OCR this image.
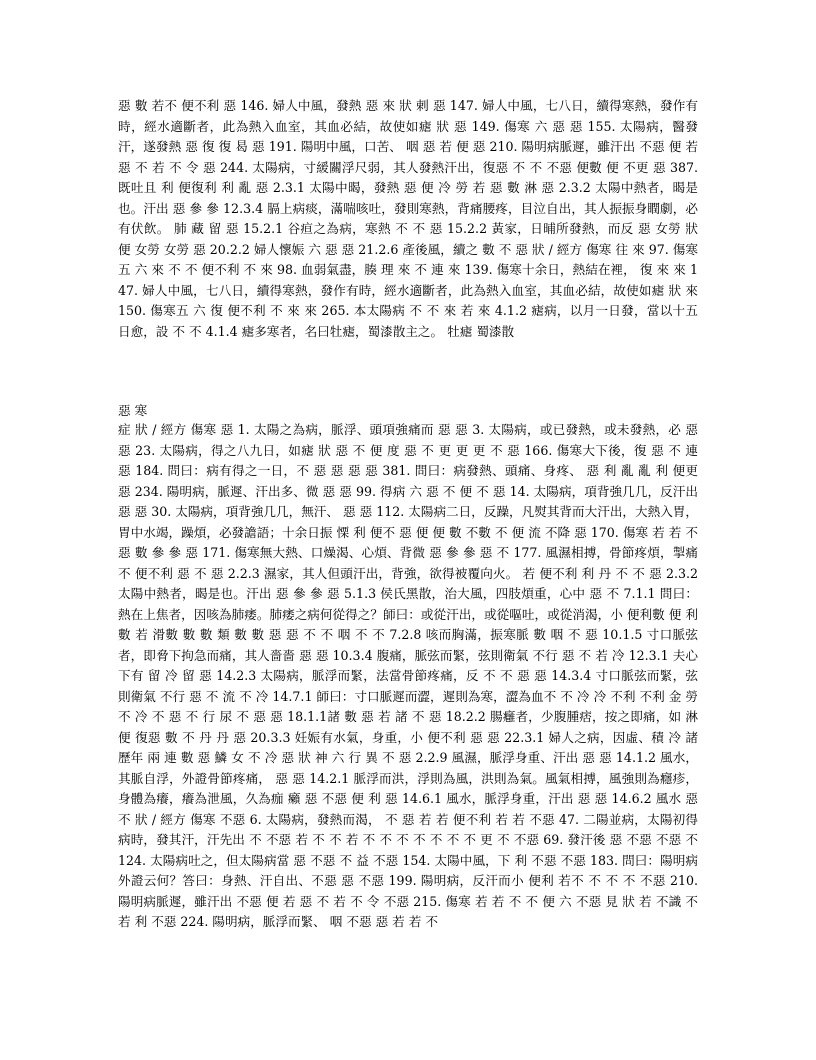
惡 數 若不 便不利 惡 146. 婦人中風，發熱 惡 來 狀 剌 惡 147. 婦人中風，七八日，續得寒熱，發作有時，經水適斷者，此為熱入血室，其血必結，故使如瘧 狀 惡 149. 傷寒 六 惡 惡 155. 太陽病，醫發汗，遂發熱 惡 復 復 曷 惡 191. 陽明中風，口苦、 咽 惡 若 便 惡 210. 陽明病脈遲，雖汗出 不惡 便 若 惡 不 若 不 令 惡 244. 太陽病，寸緩關浮尺弱，其人發熱汗出，復惡 不 不 不惡 便數 便 不更 惡 387. 既吐且 利 便復利 利 亂 惡 2.3.1 太陽中暍，發熱 惡 便 冷 勞 若 惡 數 淋 惡 2.3.2 太陽中熱者，暍是也。汗出 惡 參 參 12.3.4 膈上病痰，滿喘咳吐，發則寒熱，背痛腰疼，目泣自出，其人振振身瞤劇，必有伏飲。 肺 藏 留 惡 15.2.1 谷疸之為病，寒熱 不 不 惡 15.2.2 黃家，日晡所發熱，而反 惡 女勞 狀 便 女勞 女勞 惡 20.2.2 婦人懷娠 六 惡 惡 21.2.6 產後風，續之 數 不 惡 狀 / 經方 傷寒 往 來 97. 傷寒五 六 來 不 不 便不利 不 來 98. 血弱氣盡，腠 理 來 不 連 來 139. 傷寒十余日，熱結在裡， 復 來 來 147. 婦人中風，七八日，續得寒熱，發作有時，經水適斷者，此為熱入血室，其血必結，故使如瘧 狀 來 150. 傷寒五 六 復 便不利 不 來 來 265. 本太陽病 不 不 來 若 來 4.1.2 瘧病，以月一日發，當以十五日愈，設 不 不 4.1.4 瘧多寒者，名曰牡瘧，蜀漆散主之。 牡瘧 蜀漆散

惡 寒

症 狀 / 經方 傷寒 惡 1. 太陽之為病，脈浮、頭項強痛而 惡 惡 3. 太陽病，或已發熱，或未發熱，必 惡 惡 23. 太陽病，得之八九日，如瘧 狀 惡 不 便 度 惡 不 更 更 更 不 惡 166. 傷寒大下後，復 惡 不 連 惡 184. 問曰：病有得之一日，不 惡 惡 惡 惡 381. 問曰：病發熱、頭痛、身疼、 惡 利 亂 亂 利 便更 惡 234. 陽明病，脈遲、汗出多、微 惡 惡 99. 得病 六 惡 不 便 不 惡 14. 太陽病，項背強几几，反汗出 惡 惡 30. 太陽病，項背強几几，無汗、 惡 惡 112. 太陽病二日，反躁，凡熨其背而大汗出，大熱入胃，胃中水竭，躁煩，必發譫語；十余日振 慄 利 便不 惡 便 便 數 不數 不 便 流 不降 惡 170. 傷寒 若 若 不 惡 數 參 參 惡 171. 傷寒無大熱、口燥渴、心煩、背微 惡 參 參 惡 不 177. 風濕相搏，骨節疼煩，掣痛 不 便不利 惡 不 惡 2.2.3 濕家，其人但頭汗出，背強，欲得被覆向火。 若 便不利 利 丹 不 不 惡 2.3.2 太陽中熱者，暍是也。汗出 惡 參 參 惡 5.1.3 侯氏黑散，治大風，四肢煩重，心中 惡 不 7.1.1 問曰：熱在上焦者，因咳為肺痿。肺痿之病何從得之？師曰：或從汗出，或從嘔吐，或從消渴，小 便利數 便 利 數 若 滑數 數 數 類 數 數 惡 惡 不 不 咽 不 不 7.2.8 咳而胸滿，振寒脈 數 咽 不 惡 10.1.5 寸口脈弦者，即脅下拘急而痛，其人嗇嗇 惡 惡 10.3.4 腹痛，脈弦而緊，弦則衛氣 不行 惡 不 若 冷 12.3.1 夫心下有 留 冷 留 惡 14.2.3 太陽病，脈浮而緊，法當骨節疼痛，反 不 不 惡 惡 14.3.4 寸口脈弦而緊，弦則衛氣 不行 惡 不 流 不 冷 14.7.1 師曰：寸口脈遲而澀，遲則為寒，澀為血不 不 冷 冷 不利 不利 金 勞 不 冷 不 惡 不 行 尿 不 惡 惡 18.1.1諸 數 惡 若 諸 不 惡 18.2.2 腸癰者，少腹腫痞，按之即痛，如 淋 便 復惡 數 不 丹 丹 惡 20.3.3 妊娠有水氣，身重，小 便不利 惡 惡 22.3.1 婦人之病，因虛、積 冷 諸 歷年 兩 連 數 惡 鱗 女 不 冷 惡 狀 神 六 行 異 不 惡 2.2.9 風濕，脈浮身重、汗出 惡 惡 14.1.2 風水，其脈自浮，外證骨節疼痛， 惡 惡 14.2.1 脈浮而洪，浮則為風，洪則為氣。風氣相搏，風強則為癮疹，身體為癢，癢為泄風，久為痂 癩 惡 不惡 便 利 惡 14.6.1 風水，脈浮身重，汗出 惡 惡 14.6.2 風水 惡 不 狀 / 經方 傷寒 不惡 6. 太陽病，發熱而渴， 不 惡 若 若 便不利 若 若 不惡 47. 二陽並病，太陽初得病時，發其汗，汗先出 不 不惡 若 不 不 若 不 不 不 不 不 不 不 更 不 不惡 69. 發汗後 惡 不惡 不惡 不 124. 太陽病吐之，但太陽病當 惡 不惡 不 益 不惡 154. 太陽中風，下 利 不惡 不惡 183. 問曰：陽明病外證云何？答曰：身熱、汗自出、不惡 惡 不惡 199. 陽明病，反汗而小 便利 若不 不 不 不 不惡 210. 陽明病脈遲，雖汗出 不惡 便 若 惡 不 若 不 令 不惡 215. 傷寒 若 若 不 不 便 六 不惡 見 狀 若 不識 不 若 利 不惡 224. 陽明病，脈浮而緊、 咽 不惡 惡 若 若 不
